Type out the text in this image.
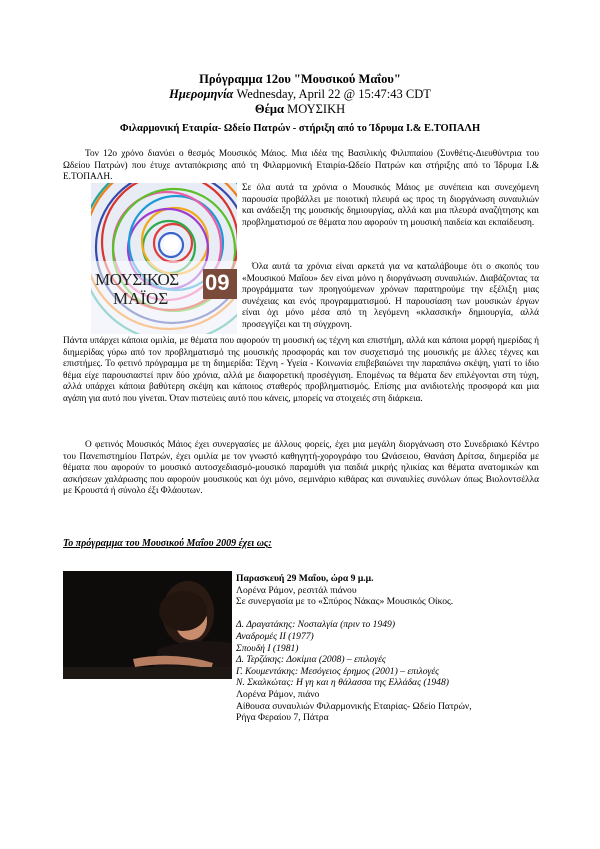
Πρόγραμμα 12ου "Μουσικού Μαΐου"
Ημερομηνία Wednesday, April 22 @ 15:47:43 CDT
Θέμα ΜΟΥΣΙΚΗ
Φιλαρμονική Εταιρία- Ωδείο Πατρών - στήριξη από το Ίδρυμα Ι.& Ε.ΤΟΠΑΛΗ

Τον 12ο χρόνο διανύει ο θεσμός Μουσικός Μάιος. Μια ιδέα της Βασιλικής Φιλιππαίου (Συνθέτις-Διευθύντρια του Ωδείου Πατρών) που έτυχε ανταπόκρισης από τη Φιλαρμονική Εταιρία-Ωδείο Πατρών και στήριξης από το Ίδρυμα Ι.& Ε.ΤΟΠΑΛΗ.

ΜΟΥΣΙΚΟΣ
ΜΑΪΟΣ
09

Σε όλα αυτά τα χρόνια ο Μουσικός Μάιος με συνέπεια και συνεχόμενη παρουσία προβάλλει με ποιοτική πλευρά ως προς τη διοργάνωση συναυλιών και ανάδειξη της μουσικής δημιουργίας, αλλά και μια πλευρά αναζήτησης και προβληματισμού σε θέματα που αφορούν τη μουσική παιδεία και εκπαίδευση.

Όλα αυτά τα χρόνια είναι αρκετά για να καταλάβουμε ότι ο σκοπός του «Μουσικού Μαΐου» δεν είναι μόνο η διοργάνωση συναυλιών. Διαβάζοντας τα προγράμματα των προηγούμενων χρόνων παρατηρούμε την εξέλιξη μιας συνέχειας και ενός προγραμματισμού. Η παρουσίαση των μουσικών έργων είναι όχι μόνο μέσα από τη λεγόμενη «κλασσική» δημιουργία, αλλά προσεγγίζει και τη σύγχρονη.

Πάντα υπάρχει κάποια ομιλία, με θέματα που αφορούν τη μουσική ως τέχνη και επιστήμη, αλλά και κάποια μορφή ημερίδας ή διημερίδας γύρω από τον προβληματισμό της μουσικής προσφοράς και τον συσχετισμό της μουσικής με άλλες τέχνες και επιστήμες. Το φετινό πρόγραμμα με τη διημερίδα: Τέχνη - Υγεία - Κοινωνία επιβεβαιώνει την παραπάνω σκέψη, γιατί το ίδιο θέμα είχε παρουσιαστεί πριν δύο χρόνια, αλλά με διαφορετική προσέγγιση. Επομένως τα θέματα δεν επιλέγονται στη τύχη, αλλά υπάρχει κάποια βαθύτερη σκέψη και κάποιος σταθερός προβληματισμός. Επίσης μια ανιδιοτελής προσφορά και μια αγάπη για αυτό που γίνεται. Όταν πιστεύεις αυτό που κάνεις, μπορείς να στοιχειές στη διάρκεια.

Ο φετινός Μουσικός Μάιος έχει συνεργασίες με άλλους φορείς, έχει μια μεγάλη διοργάνωση στο Συνεδριακό Κέντρο του Πανεπιστημίου Πατρών, έχει ομιλία με τον γνωστό καθηγητή-χορογράφο του Ωνάσειου, Θανάση Δρίτσα, διημερίδα με θέματα που αφορούν το μουσικό αυτοσχεδιασμό-μουσικό παραμύθι για παιδιά μικρής ηλικίας και θέματα ανατομικών και ασκήσεων χαλάρωσης που αφορούν μουσικούς και όχι μόνο, σεμινάριο κιθάρας και συναυλίες συνόλων όπως Βιολοντσέλλα με Κρουστά ή σύνολο έξι Φλάουτων.

Το πρόγραμμα του Μουσικού Μαΐου 2009 έχει ως:
Παρασκευή 29 Μαΐου, ώρα 9 μ.μ.
Λορένα Ράμον, ρεσιτάλ πιάνου
Σε συνεργασία με το «Σπύρος Νάκας» Μουσικός Οίκος.

Δ. Δραγατάκης: Νοσταλγία (πριν το 1949)
Αναδρομές ΙΙ (1977)
Σπουδή Ι (1981)
Δ. Τερζάκης: Δοκίμια (2008) – επιλογές
Γ. Κουμεντάκης: Μεσόγειος έρημος (2001) – επιλογές
Ν. Σκαλκώτας: Η γη και η θάλασσα της Ελλάδας (1948)
Λορένα Ράμον, πιάνο
Αίθουσα συναυλιών Φιλαρμονικής Εταιρίας- Ωδείο Πατρών,
Ρήγα Φεραίου 7, Πάτρα
